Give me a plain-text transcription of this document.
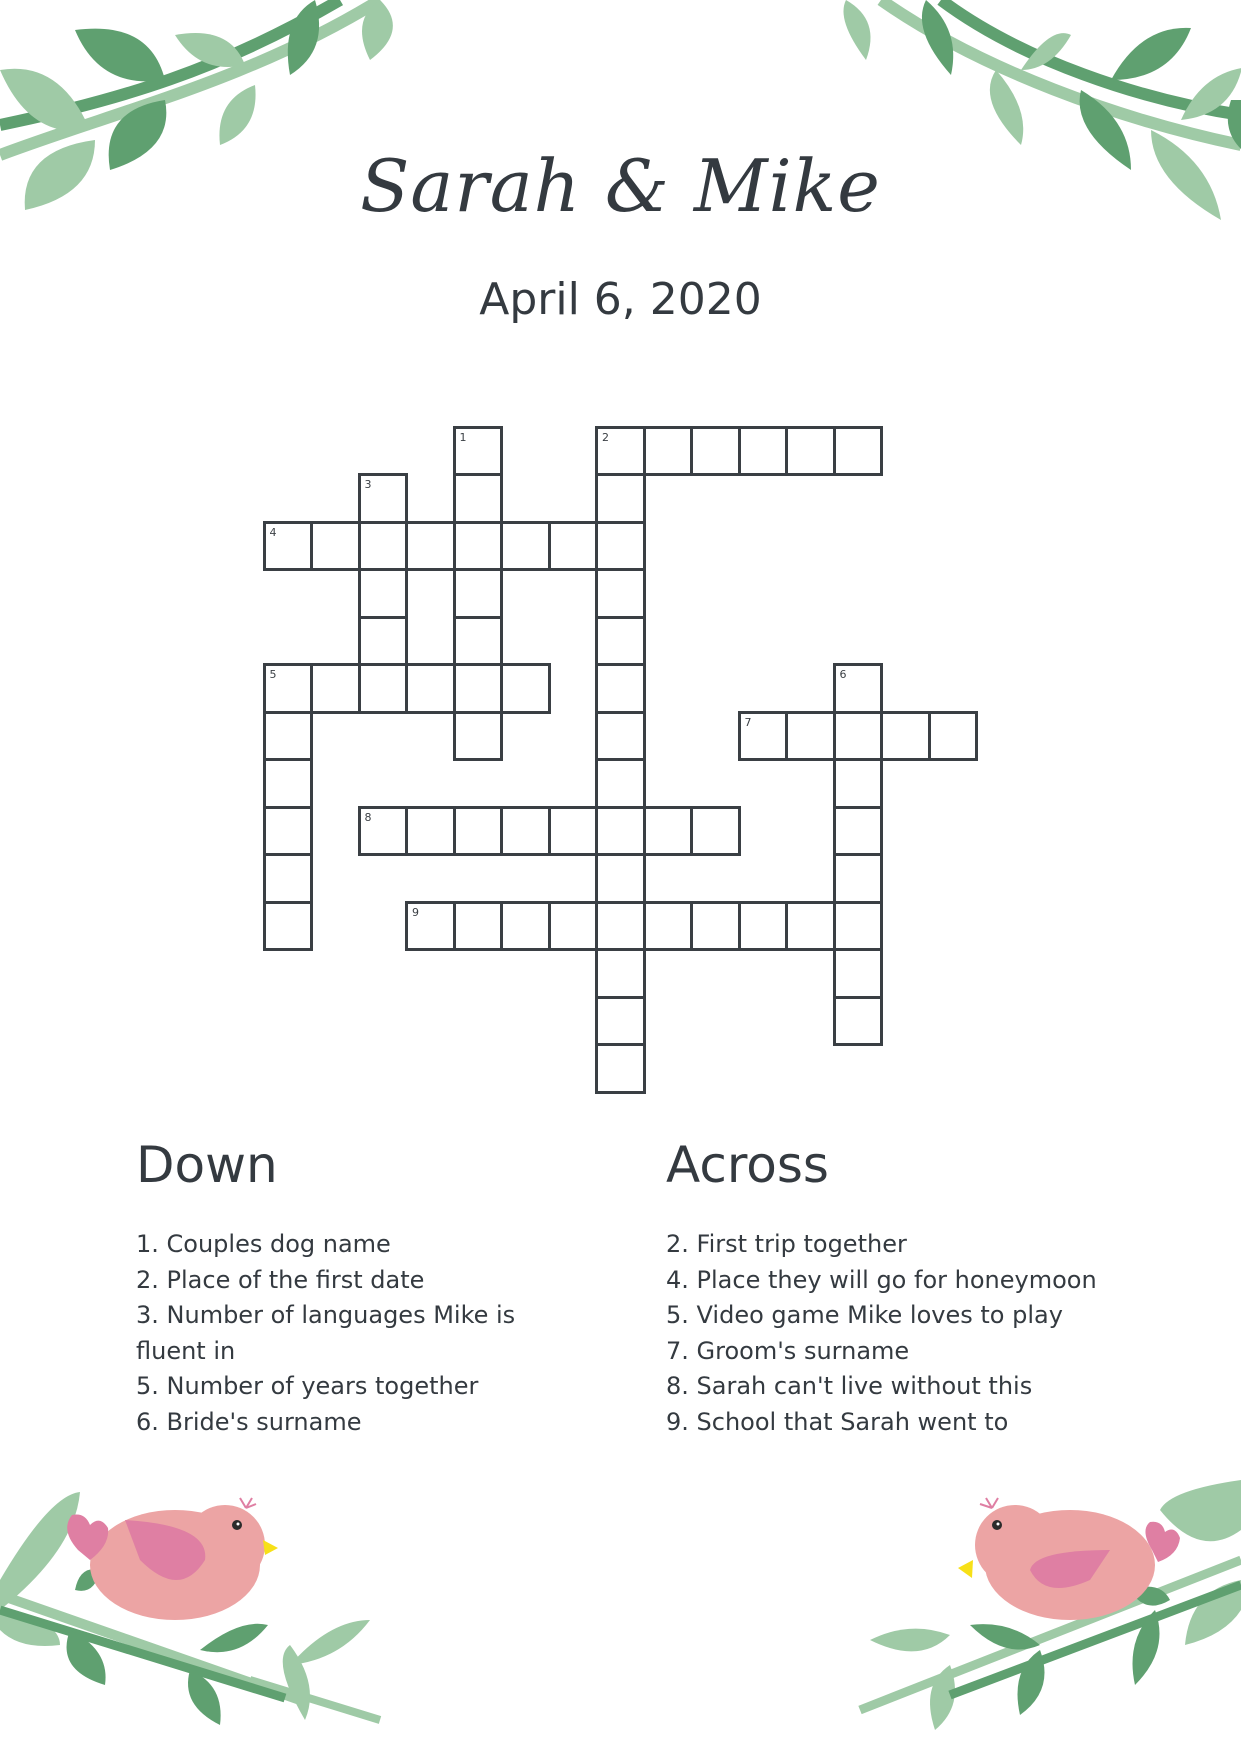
Sarah & Mike
April 6, 2020
1	2
3
4
5	6
7
8
9
Down
1. Couples dog name
2. Place of the first date
3. Number of languages Mike is fluent in
5. Number of years together
6. Bride's surname
Across
2. First trip together
4. Place they will go for honeymoon
5. Video game Mike loves to play
7. Groom's surname
8. Sarah can't live without this
9. School that Sarah went to
